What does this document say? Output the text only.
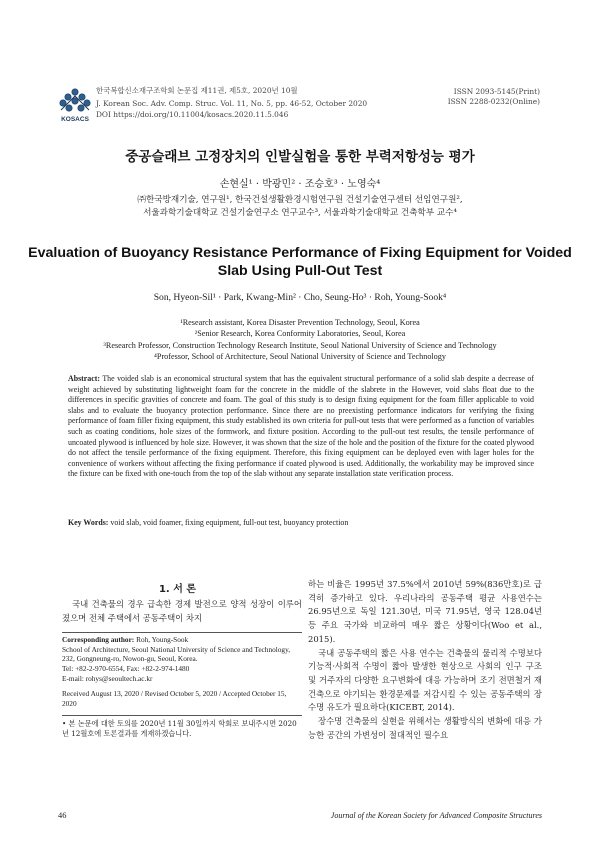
KOSACS
한국복합신소재구조학회 논문집 제11권, 제5호, 2020년 10월
J. Korean Soc. Adv. Comp. Struc. Vol. 11, No. 5, pp. 46-52, October 2020
DOI https://doi.org/10.11004/kosacs.2020.11.5.046
ISSN 2093-5145(Print)
ISSN 2288-0232(Online)
중공슬래브 고정장치의 인발실험을 통한 부력저항성능 평가
손현실¹ · 박광민² · 조승호³ · 노영숙⁴
㈜한국방재기술, 연구원¹, 한국건설생활환경시험연구원 건설기술연구센터 선임연구원²,
서울과학기술대학교 건설기술연구소 연구교수³, 서울과학기술대학교 건축학부 교수⁴
Evaluation of Buoyancy Resistance Performance of Fixing Equipment for Voided Slab Using Pull-Out Test
Son, Hyeon-Sil¹ · Park, Kwang-Min² · Cho, Seung-Ho³ · Roh, Young-Sook⁴
¹Research assistant, Korea Disaster Prevention Technology, Seoul, Korea
²Senior Research, Korea Conformity Laboratories, Seoul, Korea
³Research Professor, Construction Technology Research Institute, Seoul National University of Science and Technology
⁴Professor, School of Architecture, Seoul National University of Science and Technology
Abstract: The voided slab is an economical structural system that has the equivalent structural performance of a solid slab despite a decrease of weight achieved by substituting lightweight foam for the concrete in the middle of the slabrete in the However, void slabs float due to the differences in specific gravities of concrete and foam. The goal of this study is to design fixing equipment for the foam filler applicable to void slabs and to evaluate the buoyancy protection performance. Since there are no preexisting performance indicators for verifying the fixing performance of foam filler fixing equipment, this study established its own criteria for pull-out tests that were performed as a function of variables such as coating conditions, hole sizes of the formwork, and fixture position. According to the pull-out test results, the tensile performance of uncoated plywood is influenced by hole size. However, it was shown that the size of the hole and the position of the fixture for the coated plywood do not affect the tensile performance of the fixing equipment. Therefore, this fixing equipment can be deployed even with lager holes for the convenience of workers without affecting the fixing performance if coated plywood is used. Additionally, the workability may be improved since the fixture can be fixed with one-touch from the top of the slab without any separate installation state verification process.
Key Words: void slab, void foamer, fixing equipment, full-out test, buoyancy protection
1. 서 론

국내 건축물의 경우 급속한 경제 발전으로 양적 성장이 이루어졌으며 전체 주택에서 공동주택이 차지

Corresponding author: Roh, Young-Sook
School of Architecture, Seoul National University of Science and Technology, 232, Gongneung-ro, Nowon-gu, Seoul, Korea.
Tel: +82-2-970-6554, Fax: +82-2-974-1480
E-mail: rohys@seoultech.ac.kr
Received August 13, 2020 / Revised October 5, 2020 / Accepted October 15, 2020
• 본 논문에 대한 토의를 2020년 11월 30일까지 학회로 보내주시면 2020년 12월호에 토론결과를 게재하겠습니다.

하는 비율은 1995년 37.5%에서 2010년 59%(836만호)로 급격히 증가하고 있다. 우리나라의 공동주택 평균 사용연수는 26.95년으로 독일 121.30년, 미국 71.95년, 영국 128.04년 등 주요 국가와 비교하여 매우 짧은 상황이다(Woo et al., 2015).

국내 공동주택의 짧은 사용 연수는 건축물의 물리적 수명보다 기능적·사회적 수명이 짧아 발생한 현상으로 사회의 인구 구조 및 거주자의 다양한 요구변화에 대응 가능하며 조기 전면철거 재건축으로 야기되는 환경문제를 저감시킬 수 있는 공동주택의 장수명 유도가 필요하다(KICEBT, 2014).

장수명 건축물의 실현을 위해서는 생활방식의 변화에 대응 가능한 공간의 가변성이 절대적인 필수요

46	Journal of the Korean Society for Advanced Composite Structures
